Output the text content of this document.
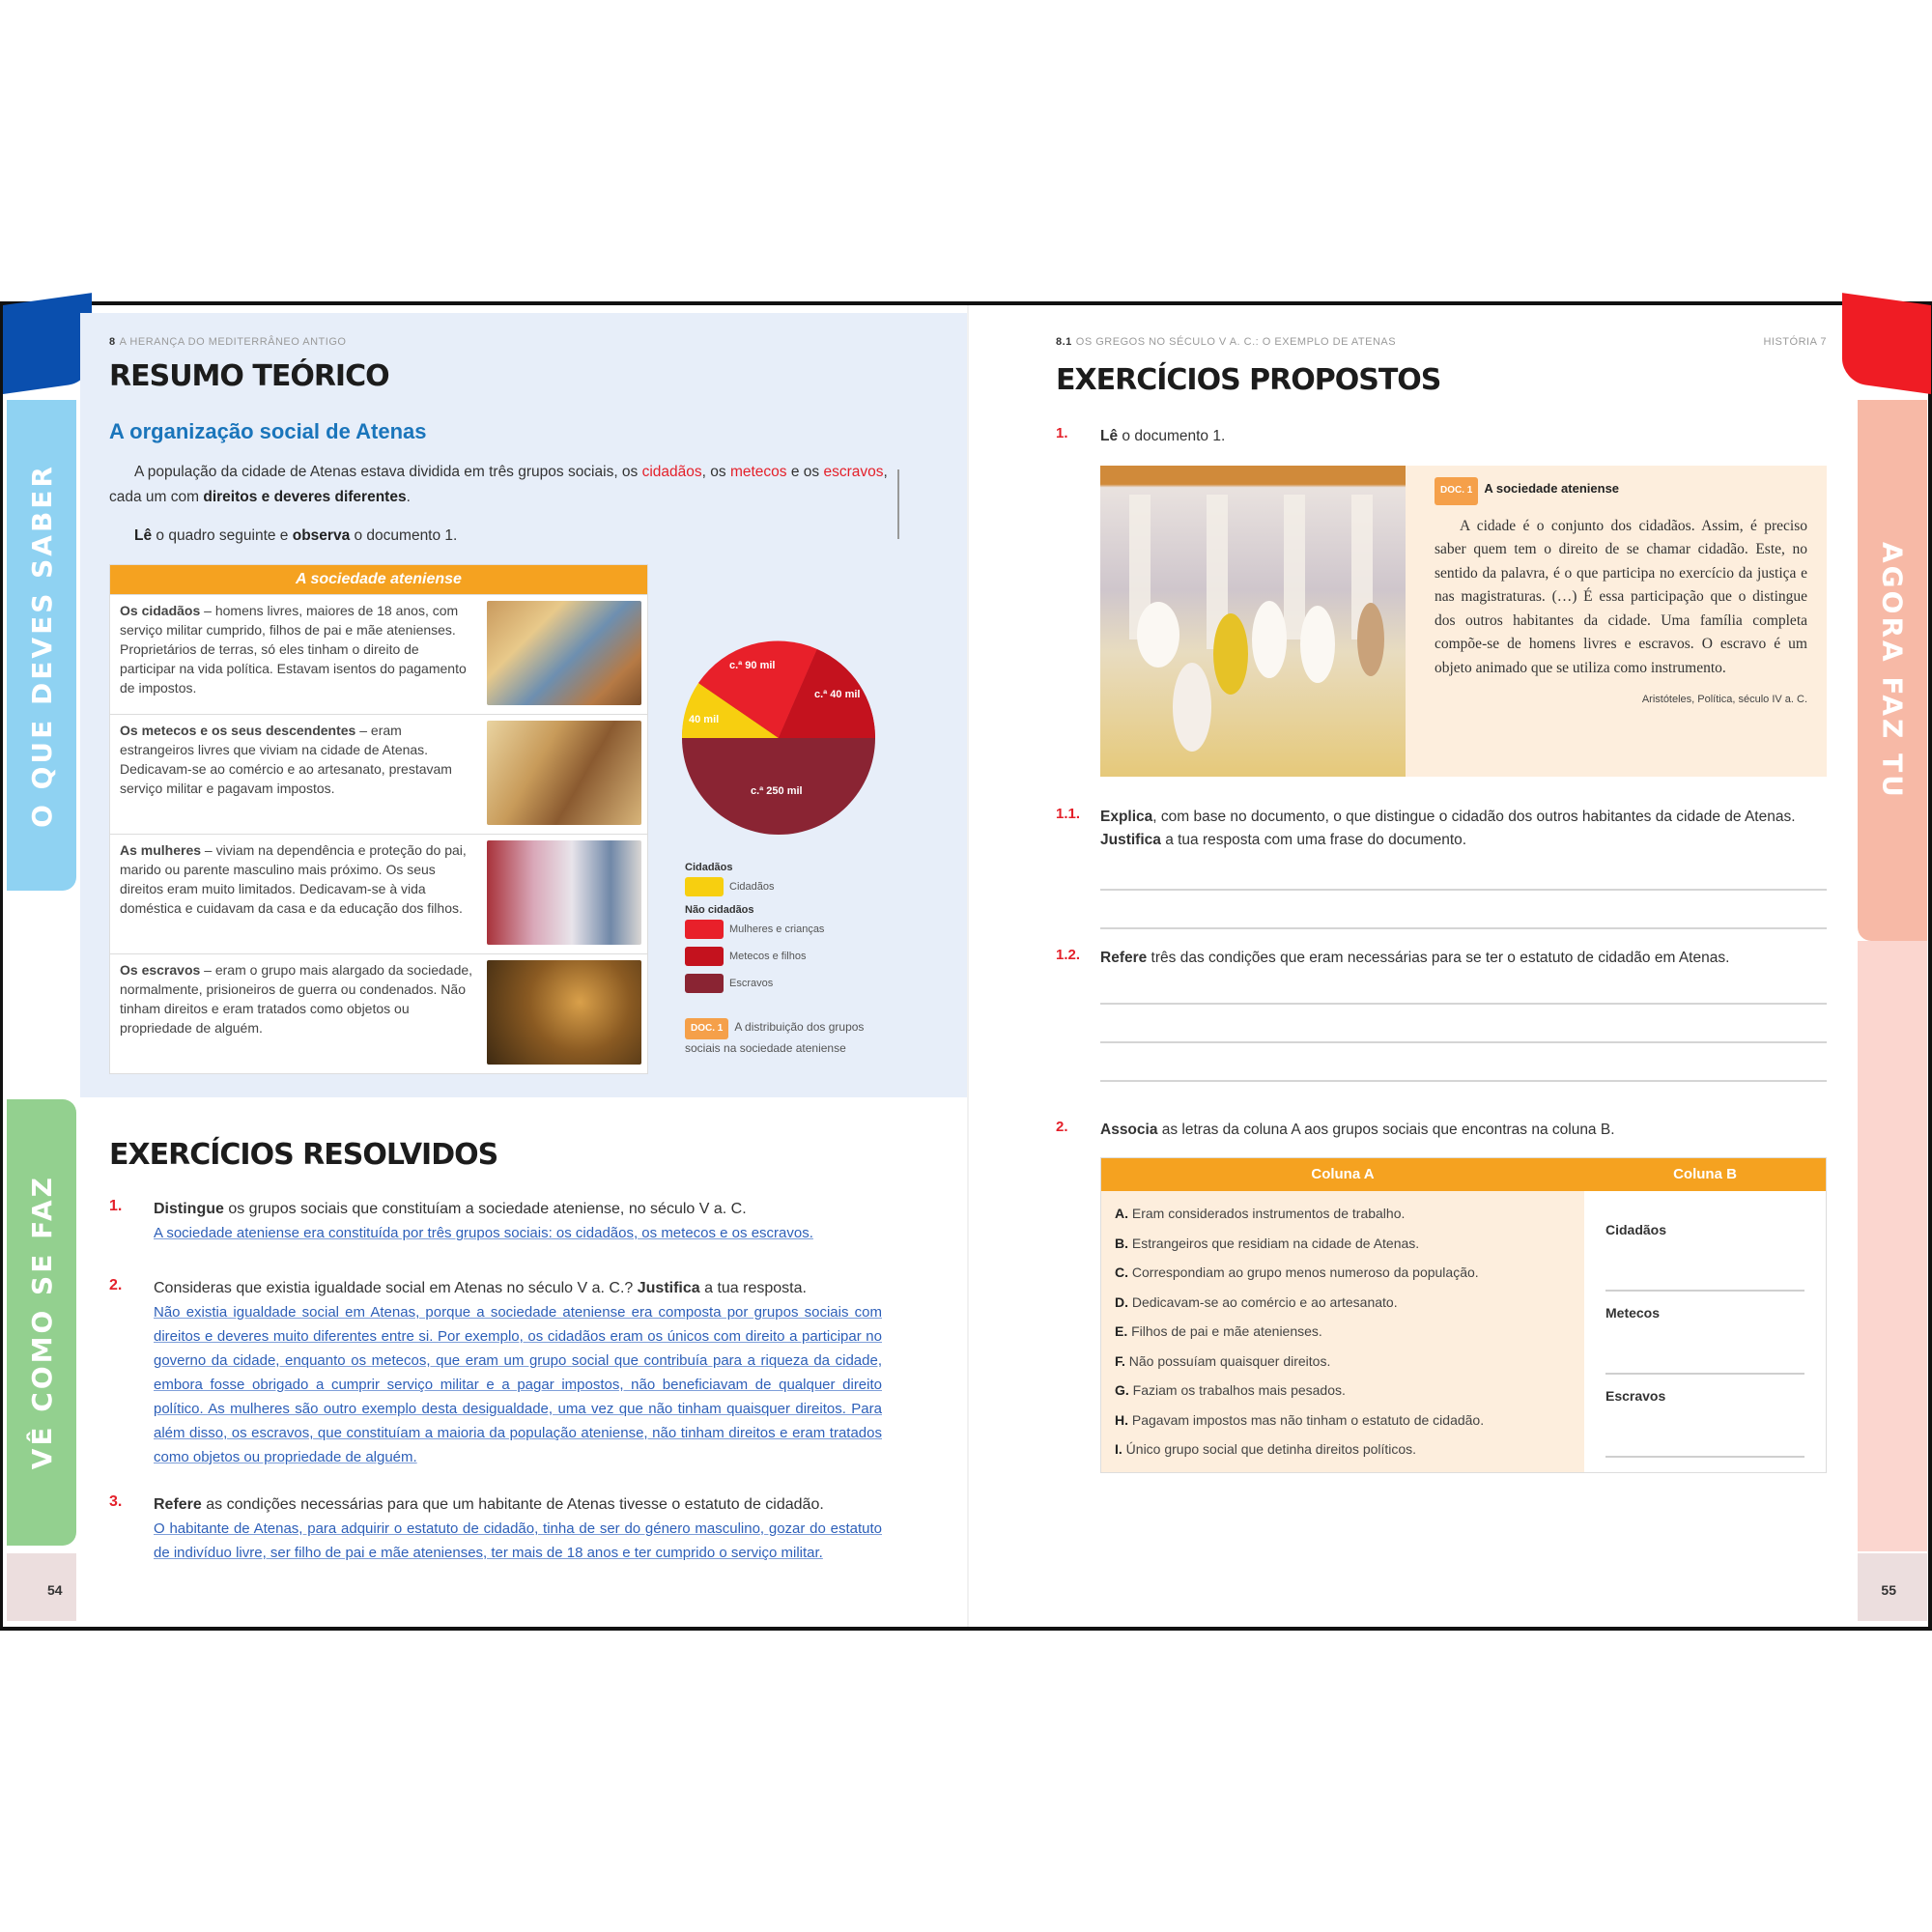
O QUE DEVES SABER
VÊ COMO SE FAZ
54
8 A HERANÇA DO MEDITERRÂNEO ANTIGO
RESUMO TEÓRICO
A organização social de Atenas

A população da cidade de Atenas estava dividida em três grupos sociais, os cidadãos, os metecos e os escravos, cada um com direitos e deveres diferentes.

Lê o quadro seguinte e observa o documento 1.

A sociedade ateniense
Os cidadãos – homens livres, maiores de 18 anos, com serviço militar cumprido, filhos de pai e mãe atenienses. Proprietários de terras, só eles tinham o direito de participar na vida política. Estavam isentos do pagamento de impostos.
Os metecos e os seus descendentes – eram estrangeiros livres que viviam na cidade de Atenas. Dedicavam-se ao comércio e ao artesanato, prestavam serviço militar e pagavam impostos.
As mulheres – viviam na dependência e proteção do pai, marido ou parente masculino mais próximo. Os seus direitos eram muito limitados. Dedicavam-se à vida doméstica e cuidavam da casa e da educação dos filhos.
Os escravos – eram o grupo mais alargado da sociedade, normalmente, prisioneiros de guerra ou condenados. Não tinham direitos e eram tratados como objetos ou propriedade de alguém.
c.ª 90 mil
c.ª 40 mil
40 mil
c.ª 250 mil
Cidadãos
Cidadãos
Não cidadãos
Mulheres e crianças
Metecos e filhos
Escravos
DOC. 1 A distribuição dos grupos sociais na sociedade ateniense
EXERCÍCIOS RESOLVIDOS
1. Distingue os grupos sociais que constituíam a sociedade ateniense, no século V a. C.
A sociedade ateniense era constituída por três grupos sociais: os cidadãos, os metecos e os escravos.
2. Consideras que existia igualdade social em Atenas no século V a. C.? Justifica a tua resposta.
Não existia igualdade social em Atenas, porque a sociedade ateniense era composta por grupos sociais com direitos e deveres muito diferentes entre si. Por exemplo, os cidadãos eram os únicos com direito a participar no governo da cidade, enquanto os metecos, que eram um grupo social que contribuía para a riqueza da cidade, embora fosse obrigado a cumprir serviço militar e a pagar impostos, não beneficiavam de qualquer direito político. As mulheres são outro exemplo desta desigualdade, uma vez que não tinham quaisquer direitos. Para além disso, os escravos, que constituíam a maioria da população ateniense, não tinham direitos e eram tratados como objetos ou propriedade de alguém.
3. Refere as condições necessárias para que um habitante de Atenas tivesse o estatuto de cidadão.
O habitante de Atenas, para adquirir o estatuto de cidadão, tinha de ser do género masculino, gozar do estatuto de indivíduo livre, ser filho de pai e mãe atenienses, ter mais de 18 anos e ter cumprido o serviço militar.
AGORA FAZ TU
55
8.1 OS GREGOS NO SÉCULO V A. C.: O EXEMPLO DE ATENAS	HISTÓRIA 7
EXERCÍCIOS PROPOSTOS
1. Lê o documento 1.
DOC. 1 A sociedade ateniense
A cidade é o conjunto dos cidadãos. Assim, é preciso saber quem tem o direito de se chamar cidadão. Este, no sentido da palavra, é o que participa no exercício da justiça e nas magistraturas. (…) É essa participação que o distingue dos outros habitantes da cidade. Uma família completa compõe-se de homens livres e escravos. O escravo é um objeto animado que se utiliza como instrumento.
Aristóteles, Política, século IV a. C.
1.1. Explica, com base no documento, o que distingue o cidadão dos outros habitantes da cidade de Atenas. Justifica a tua resposta com uma frase do documento.
1.2. Refere três das condições que eram necessárias para se ter o estatuto de cidadão em Atenas.
2. Associa as letras da coluna A aos grupos sociais que encontras na coluna B.
Coluna A	Coluna B
A. Eram considerados instrumentos de trabalho.
B. Estrangeiros que residiam na cidade de Atenas.
C. Correspondiam ao grupo menos numeroso da população.
D. Dedicavam-se ao comércio e ao artesanato.
E. Filhos de pai e mãe atenienses.
F. Não possuíam quaisquer direitos.
G. Faziam os trabalhos mais pesados.
H. Pagavam impostos mas não tinham o estatuto de cidadão.
I. Único grupo social que detinha direitos políticos.
Cidadãos
Metecos
Escravos
